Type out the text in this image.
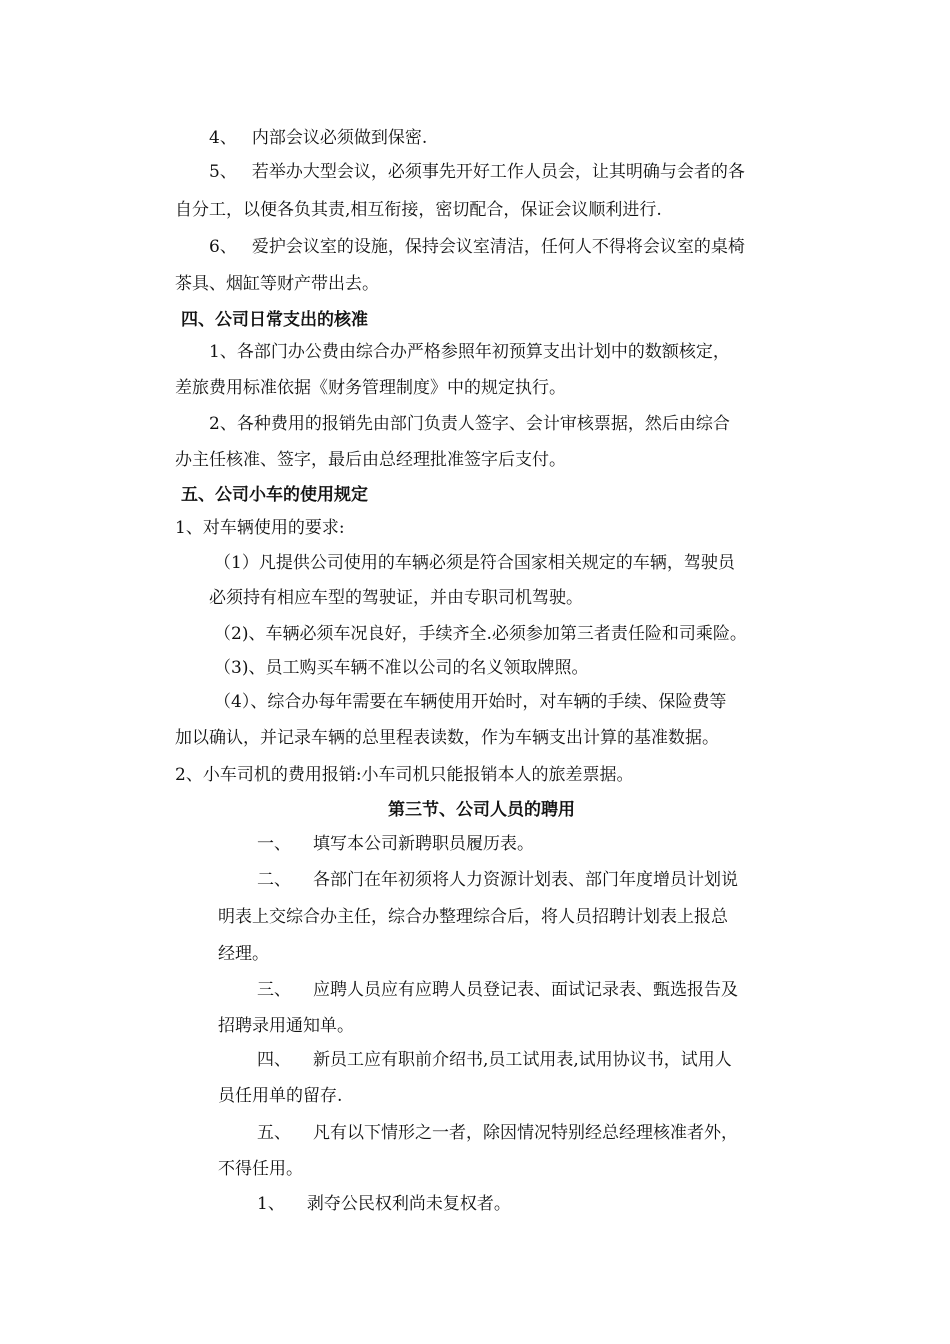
4、 内部会议必须做到保密.
5、 若举办大型会议，必须事先开好工作人员会，让其明确与会者的各
自分工，以便各负其责,相互衔接，密切配合，保证会议顺利进行.
6、 爱护会议室的设施，保持会议室清洁，任何人不得将会议室的桌椅
茶具、烟缸等财产带出去。
四、公司日常支出的核准
1、各部门办公费由综合办严格参照年初预算支出计划中的数额核定，
差旅费用标准依据《财务管理制度》中的规定执行。
2、各种费用的报销先由部门负责人签字、会计审核票据，然后由综合
办主任核准、签字，最后由总经理批准签字后支付。
五、公司小车的使用规定
1、对车辆使用的要求:
（1）凡提供公司使用的车辆必须是符合国家相关规定的车辆，驾驶员
必须持有相应车型的驾驶证，并由专职司机驾驶。
（2)、车辆必须车况良好，手续齐全.必须参加第三者责任险和司乘险。
（3)、员工购买车辆不准以公司的名义领取牌照。
（4）、综合办每年需要在车辆使用开始时，对车辆的手续、保险费等
加以确认，并记录车辆的总里程表读数，作为车辆支出计算的基准数据。
2、小车司机的费用报销:小车司机只能报销本人的旅差票据。
第三节、公司人员的聘用
一、 填写本公司新聘职员履历表。
二、 各部门在年初须将人力资源计划表、部门年度增员计划说
明表上交综合办主任，综合办整理综合后，将人员招聘计划表上报总
经理。
三、 应聘人员应有应聘人员登记表、面试记录表、甄选报告及
招聘录用通知单。
四、 新员工应有职前介绍书,员工试用表,试用协议书，试用人
员任用单的留存.
五、 凡有以下情形之一者，除因情况特别经总经理核准者外，
不得任用。
1、 剥夺公民权利尚未复权者。
